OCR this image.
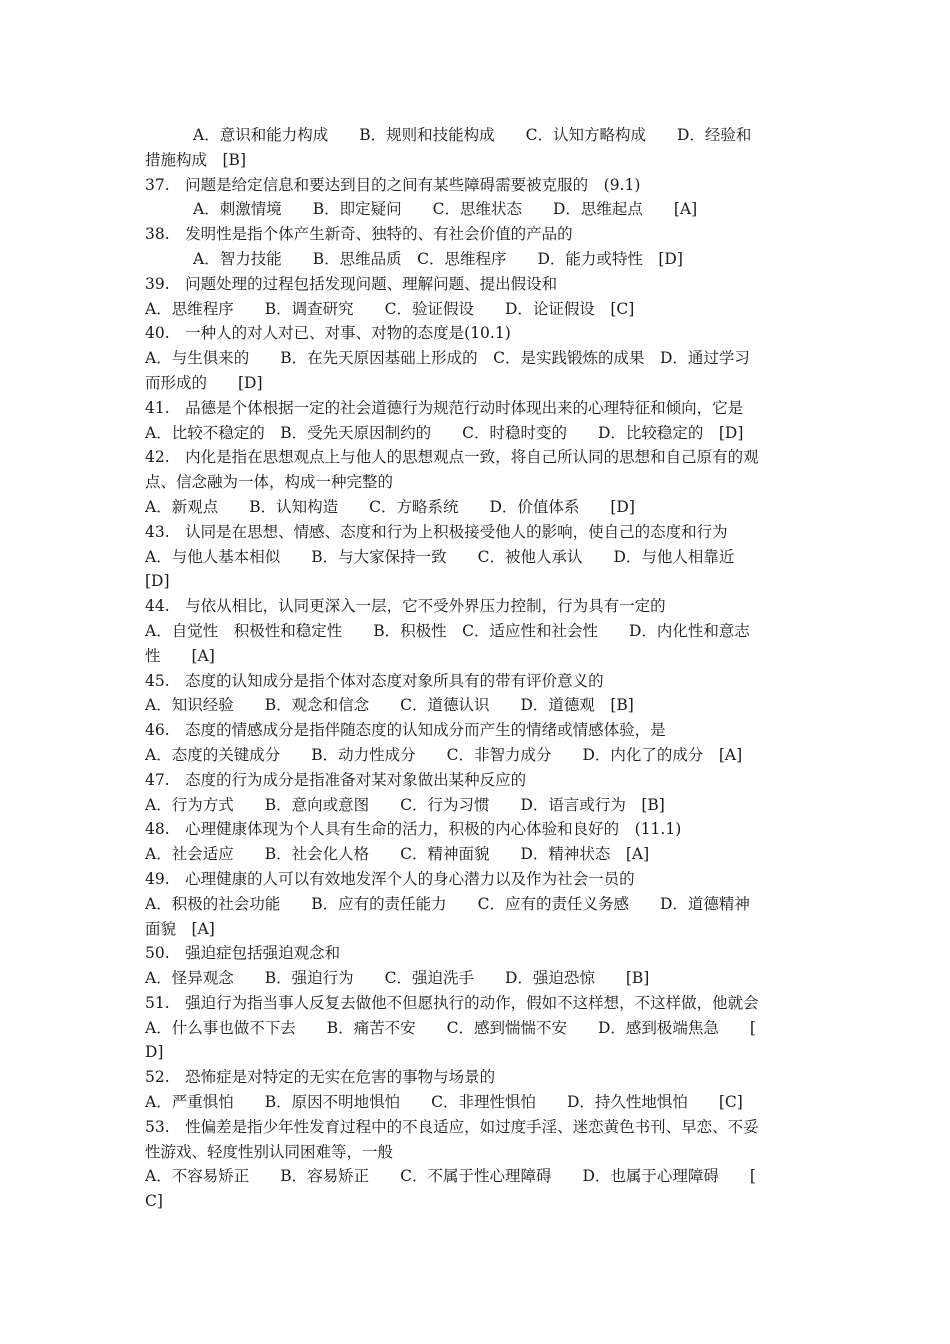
A．意识和能力构成　　B．规则和技能构成　　C．认知方略构成　　D．经验和
措施构成　[B]
37.　问题是给定信息和要达到目的之间有某些障碍需要被克服的　(9.1)
A．刺激情境　　B．即定疑问　　C．思维状态　　D．思维起点　　[A]
38.　发明性是指个体产生新奇、独特的、有社会价值的产品的
A．智力技能　　B．思维品质　C．思维程序　　D．能力或特性　[D]
39.　问题处理的过程包括发现问题、理解问题、提出假设和
A．思维程序　　B．调查研究　　C．验证假设　　D．论证假设　[C]
40.　一种人的对人对已、对事、对物的态度是(10.1)
A．与生俱来的　　B．在先天原因基础上形成的　C．是实践锻炼的成果　D．通过学习
而形成的　　[D]
41.　品德是个体根据一定的社会道德行为规范行动时体现出来的心理特征和倾向，它是
A．比较不稳定的　B．受先天原因制约的　　C．时稳时变的　　D．比较稳定的　[D]
42.　内化是指在思想观点上与他人的思想观点一致，将自己所认同的思想和自己原有的观
点、信念融为一体，构成一种完整的
A．新观点　　B．认知构造　　C．方略系统　　D．价值体系　　[D]
43.　认同是在思想、情感、态度和行为上积极接受他人的影响，使自己的态度和行为
A．与他人基本相似　　B．与大家保持一致　　C．被他人承认　　D．与他人相靠近
[D]
44.　与依从相比，认同更深入一层，它不受外界压力控制，行为具有一定的
A．自觉性　积极性和稳定性　　B．积极性　C．适应性和社会性　　D．内化性和意志
性　　[A]
45.　态度的认知成分是指个体对态度对象所具有的带有评价意义的
A．知识经验　　B．观念和信念　　C．道德认识　　D．道德观　[B]
46.　态度的情感成分是指伴随态度的认知成分而产生的情绪或情感体验，是
A．态度的关键成分　　B．动力性成分　　C．非智力成分　　D．内化了的成分　[A]
47.　态度的行为成分是指准备对某对象做出某种反应的
A．行为方式　　B．意向或意图　　C．行为习惯　　D．语言或行为　[B]
48.　心理健康体现为个人具有生命的活力，积极的内心体验和良好的　(11.1)
A．社会适应　　B．社会化人格　　C．精神面貌　　D．精神状态　[A]
49.　心理健康的人可以有效地发浑个人的身心潜力以及作为社会一员的
A．积极的社会功能　　B．应有的责任能力　　C．应有的责任义务感　　D．道德精神
面貌　[A]
50.　强迫症包括强迫观念和
A．怪异观念　　B．强迫行为　　C．强迫洗手　　D．强迫恐惊　　[B]
51.　强迫行为指当事人反复去做他不但愿执行的动作，假如不这样想，不这样做，他就会
A．什么事也做不下去　　B．痛苦不安　　C．感到惴惴不安　　D．感到极端焦急　　[
D]
52.　恐怖症是对特定的无实在危害的事物与场景的
A．严重惧怕　　B．原因不明地惧怕　　C．非理性惧怕　　D．持久性地惧怕　　[C]
53.　性偏差是指少年性发育过程中的不良适应，如过度手淫、迷恋黄色书刊、早恋、不妥
性游戏、轻度性别认同困难等，一般
A．不容易矫正　　B．容易矫正　　C．不属于性心理障碍　　D．也属于心理障碍　　[
C]
